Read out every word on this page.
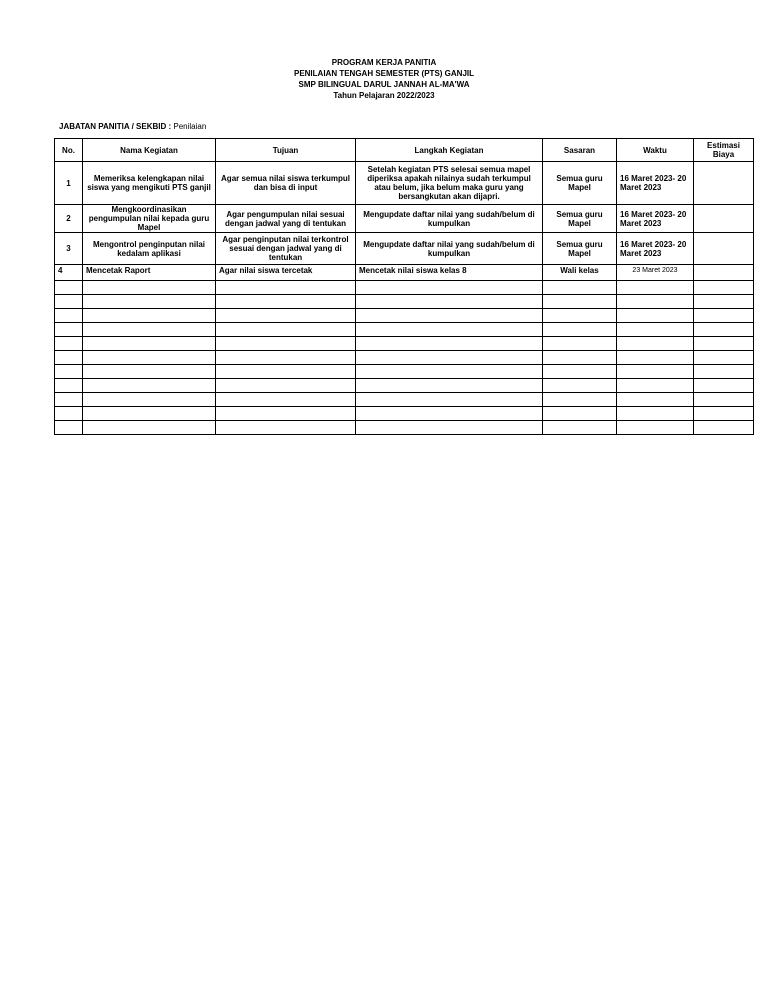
PROGRAM KERJA PANITIA
PENILAIAN TENGAH SEMESTER (PTS) GANJIL
SMP BILINGUAL DARUL JANNAH AL-MA'WA
Tahun Pelajaran 2022/2023
JABATAN PANITIA / SEKBID : Penilaian
No.	Nama Kegiatan	Tujuan	Langkah Kegiatan	Sasaran	Waktu	Estimasi Biaya
1	Memeriksa kelengkapan nilai siswa yang mengikuti PTS ganjil	Agar semua nilai siswa terkumpul dan bisa di input	Setelah kegiatan PTS selesai semua mapel diperiksa apakah nilainya sudah terkumpul atau belum, jika belum maka guru yang bersangkutan akan dijapri.	Semua guru Mapel	16 Maret 2023- 20 Maret 2023	
2	Mengkoordinasikan pengumpulan nilai kepada guru Mapel	Agar pengumpulan nilai sesuai dengan jadwal yang di tentukan	Mengupdate daftar nilai yang sudah/belum di kumpulkan	Semua guru Mapel	16 Maret 2023- 20 Maret 2023	
3	Mengontrol penginputan nilai kedalam aplikasi	Agar penginputan nilai terkontrol sesuai dengan jadwal yang di tentukan	Mengupdate daftar nilai yang sudah/belum di kumpulkan	Semua guru Mapel	16 Maret 2023- 20 Maret 2023	
4	Mencetak Raport	Agar nilai siswa tercetak	Mencetak nilai siswa kelas 8	Wali kelas	23 Maret 2023	
